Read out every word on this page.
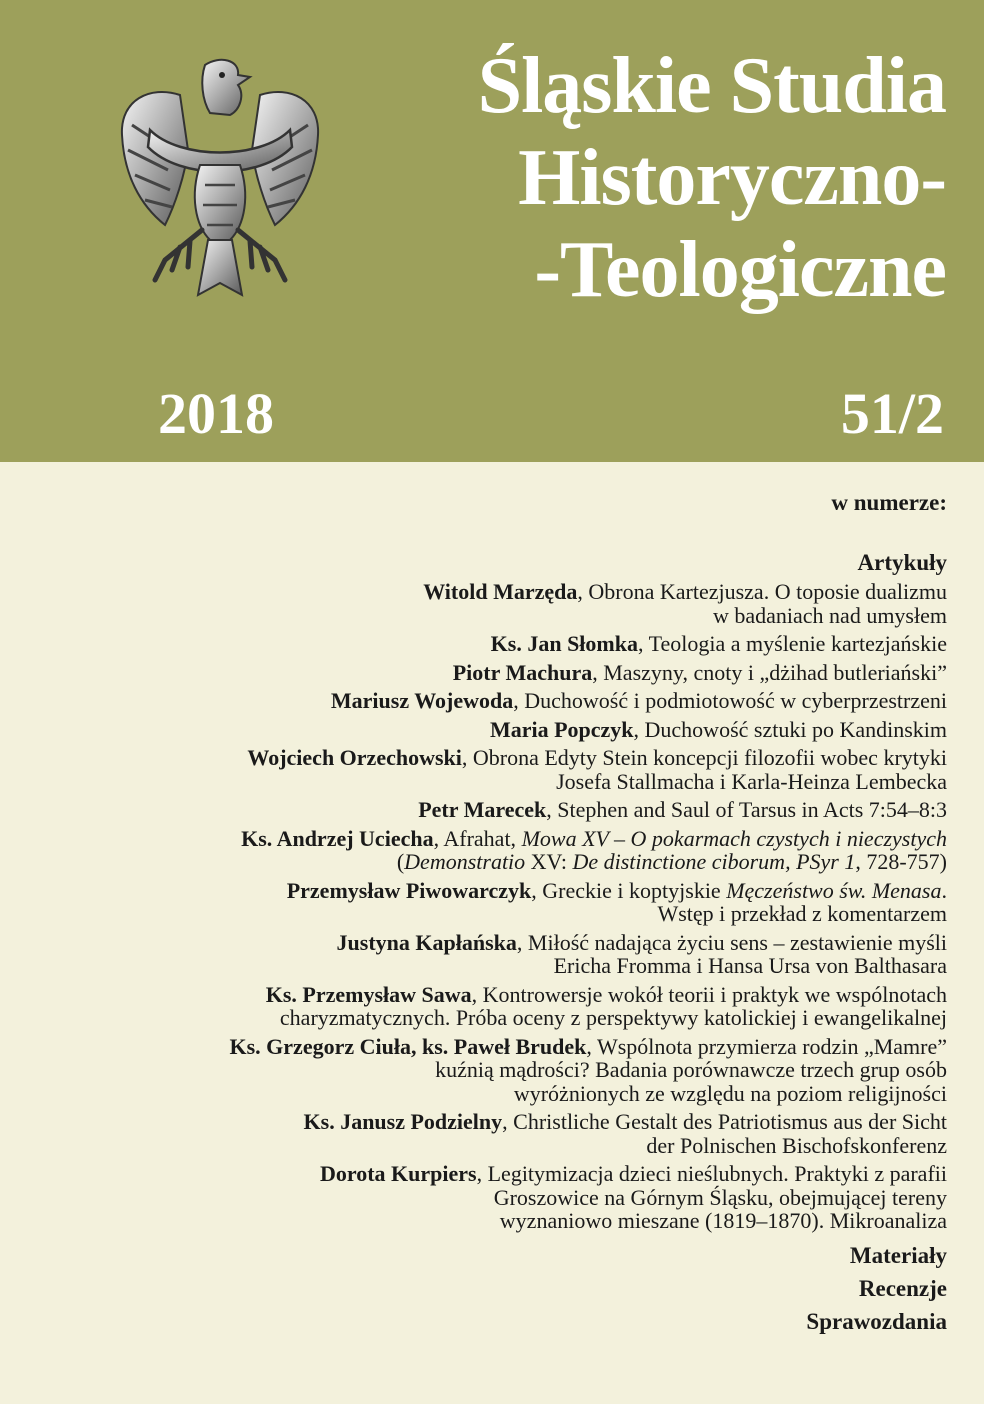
Śląskie Studia
Historyczno-
-Teologiczne
2018	51/2
w numerze:
Artykuły
Witold Marzęda, Obrona Kartezjusza. O toposie dualizmu
w badaniach nad umysłem
Ks. Jan Słomka, Teologia a myślenie kartezjańskie
Piotr Machura, Maszyny, cnoty i „dżihad butleriański”
Mariusz Wojewoda, Duchowość i podmiotowość w cyberprzestrzeni
Maria Popczyk, Duchowość sztuki po Kandinskim
Wojciech Orzechowski, Obrona Edyty Stein koncepcji filozofii wobec krytyki
Josefa Stallmacha i Karla-Heinza Lembecka
Petr Marecek, Stephen and Saul of Tarsus in Acts 7:54–8:3
Ks. Andrzej Uciecha, Afrahat, Mowa XV – O pokarmach czystych i nieczystych
(Demonstratio XV: De distinctione ciborum, PSyr 1, 728-757)
Przemysław Piwowarczyk, Greckie i koptyjskie Męczeństwo św. Menasa.
Wstęp i przekład z komentarzem
Justyna Kapłańska, Miłość nadająca życiu sens – zestawienie myśli
Ericha Fromma i Hansa Ursa von Balthasara
Ks. Przemysław Sawa, Kontrowersje wokół teorii i praktyk we wspólnotach
charyzmatycznych. Próba oceny z perspektywy katolickiej i ewangelikalnej
Ks. Grzegorz Ciuła, ks. Paweł Brudek, Wspólnota przymierza rodzin „Mamre”
kuźnią mądrości? Badania porównawcze trzech grup osób
wyróżnionych ze względu na poziom religijności
Ks. Janusz Podzielny, Christliche Gestalt des Patriotismus aus der Sicht
der Polnischen Bischofskonferenz
Dorota Kurpiers, Legitymizacja dzieci nieślubnych. Praktyki z parafii
Groszowice na Górnym Śląsku, obejmującej tereny
wyznaniowo mieszane (1819–1870). Mikroanaliza
Materiały
Recenzje
Sprawozdania
